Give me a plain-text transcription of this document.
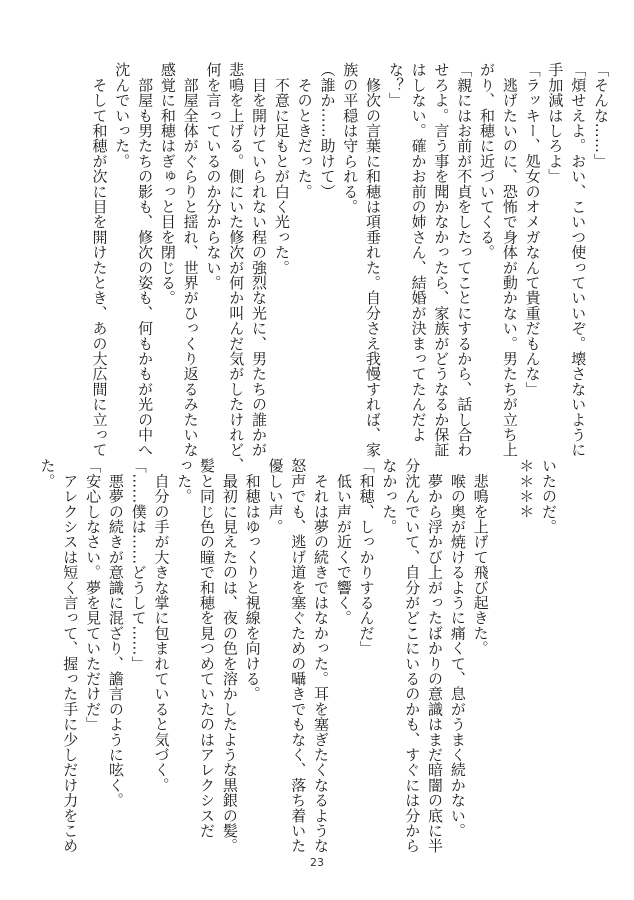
「そんな……」
「煩せえよ。おい、こいつ使っていいぞ。壊さないように
手加減はしろよ」
「ラッキー、処女のオメガなんて貴重だもんな」
　逃げたいのに、恐怖で身体が動かない。男たちが立ち上
がり、和穂に近づいてくる。
「親にはお前が不貞をしたってことにするから、話し合わ
せろよ。言う事を聞かなかったら、家族がどうなるか保証
はしない。確かお前の姉さん、結婚が決まってたんだよ
な？」
　修次の言葉に和穂は項垂れた。自分さえ我慢すれば、家
族の平穏は守られる。
（誰か……助けて）
　そのときだった。
　不意に足もとが白く光った。
　目を開けていられない程の強烈な光に、男たちの誰かが
悲鳴を上げる。側にいた修次が何か叫んだ気がしたけれど、
何を言っているのか分からない。
　部屋全体がぐらりと揺れ、世界がひっくり返るみたいな
感覚に和穂はぎゅっと目を閉じる。
　部屋も男たちの影も、修次の姿も、何もかもが光の中へ
沈んでいった。
　そして和穂が次に目を開けたとき、あの大広間に立って
いたのだ。
＊＊＊＊

　悲鳴を上げて飛び起きた。
　喉の奥が焼けるように痛くて、息がうまく続かない。
　夢から浮かび上がったばかりの意識はまだ暗闇の底に半
分沈んでいて、自分がどこにいるのかも、すぐには分から
なかった。
「和穂、しっかりするんだ」
　低い声が近くで響く。
　それは夢の続きではなかった。耳を塞ぎたくなるような
怒声でも、逃げ道を塞ぐための囁きでもなく、落ち着いた
優しい声。
　和穂はゆっくりと視線を向ける。
　最初に見えたのは、夜の色を溶かしたような黒銀の髪。
髪と同じ色の瞳で和穂を見つめていたのはアレクシスだ
った。
　自分の手が大きな掌に包まれていると気づく。
「……僕は……どうして……」
　悪夢の続きが意識に混ざり、譫言のように呟く。
「安心しなさい。夢を見ていただけだ」
　アレクシスは短く言って、握った手に少しだけ力をこめ
た。
23
